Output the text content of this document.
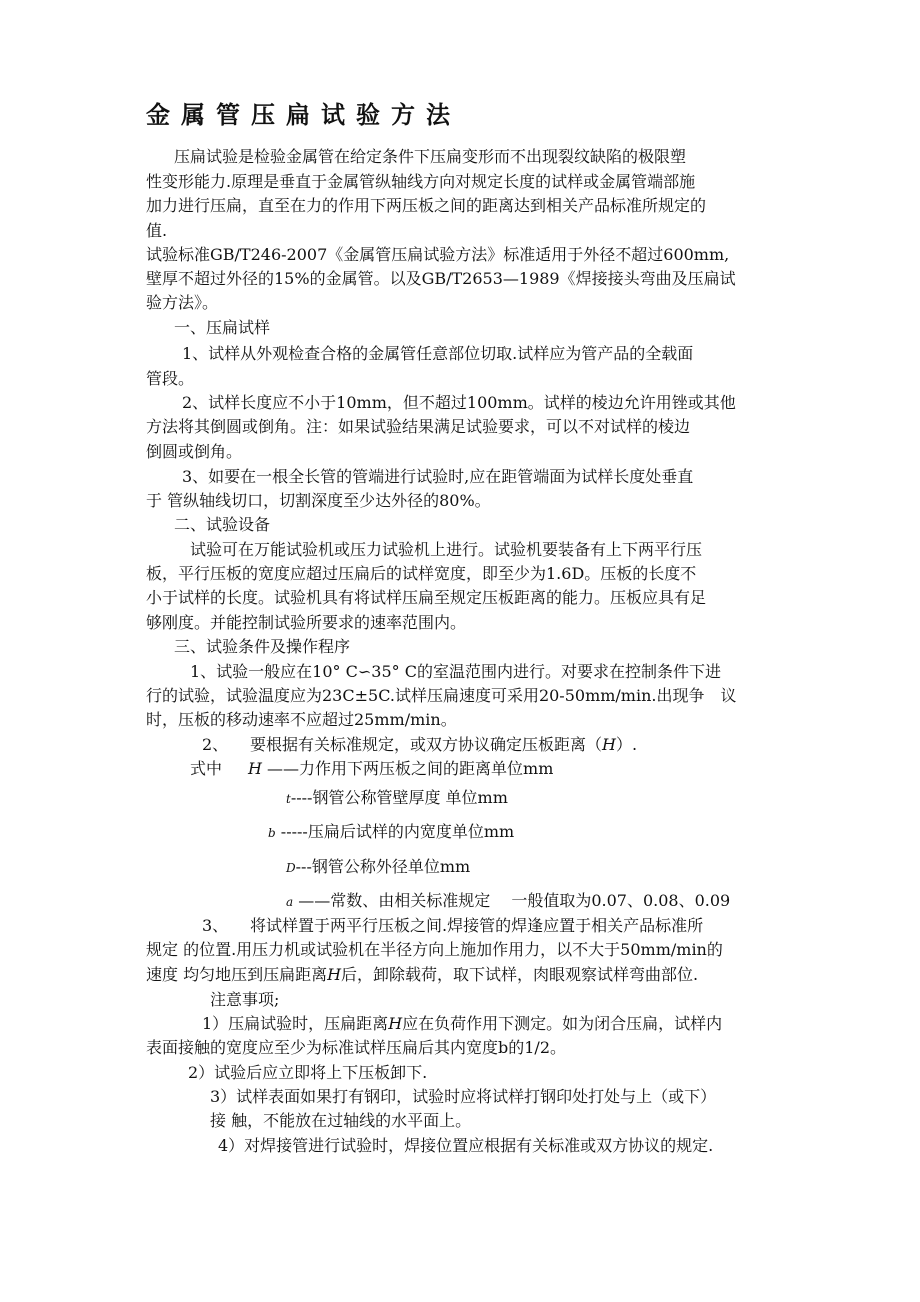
金属管压扁试验方法
压扁试验是检验金属管在给定条件下压扁变形而不出现裂纹缺陷的极限塑
性变形能力.原理是垂直于金属管纵轴线方向对规定长度的试样或金属管端部施
加力进行压扁，直至在力的作用下两压板之间的距离达到相关产品标准所规定的
值.
试验标准GB/T246-2007《金属管压扁试验方法》标准适用于外径不超过600mm,
壁厚不超过外径的15%的金属管。以及GB/T2653—1989《焊接接头弯曲及压扁试
验方法》。
一、压扁试样
1、试样从外观检查合格的金属管任意部位切取.试样应为管产品的全载面
管段。
2、试样长度应不小于10mm，但不超过100mm。试样的棱边允许用锉或其他
方法将其倒圆或倒角。注：如果试验结果满足试验要求，可以不对试样的棱边
倒圆或倒角。
3、如要在一根全长管的管端进行试验时,应在距管端面为试样长度处垂直
于 管纵轴线切口，切割深度至少达外径的80%。
二、试验设备
试验可在万能试验机或压力试验机上进行。试验机要装备有上下两平行压
板，平行压板的宽度应超过压扁后的试样宽度，即至少为1.6D。压板的长度不
小于试样的长度。试验机具有将试样压扁至规定压板距离的能力。压板应具有足
够刚度。并能控制试验所要求的速率范围内。
三、试验条件及操作程序
1、试验一般应在10° C∽35° C的室温范围内进行。对要求在控制条件下进
行的试验，试验温度应为23C±5C.试样压扁速度可采用20-50mm/min.出现争　议
时，压板的移动速率不应超过25mm/min。
2、 要根据有关标准规定，或双方协议确定压板距离（H）.
式中 H ——力作用下两压板之间的距离单位mm
t----钢管公称管壁厚度 单位mm
b -----压扁后试样的内宽度单位mm
D---钢管公称外径单位mm
a ——常数、由相关标准规定　 一般值取为0.07、0.08、0.09
3、 将试样置于两平行压板之间.焊接管的焊逢应置于相关产品标准所
规定 的位置.用压力机或试验机在半径方向上施加作用力，以不大于50mm/min的
速度 均匀地压到压扁距离H后，卸除载荷，取下试样，肉眼观察试样弯曲部位.
注意事项;
1）压扁试验时，压扁距离H应在负荷作用下测定。如为闭合压扁，试样内
表面接触的宽度应至少为标准试样压扁后其内宽度b的1/2。
2）试验后应立即将上下压板卸下.
3）试样表面如果打有钢印，试验时应将试样打钢印处打处与上（或下）
接 触，不能放在过轴线的水平面上。
4）对焊接管进行试验时，焊接位置应根据有关标准或双方协议的规定.
